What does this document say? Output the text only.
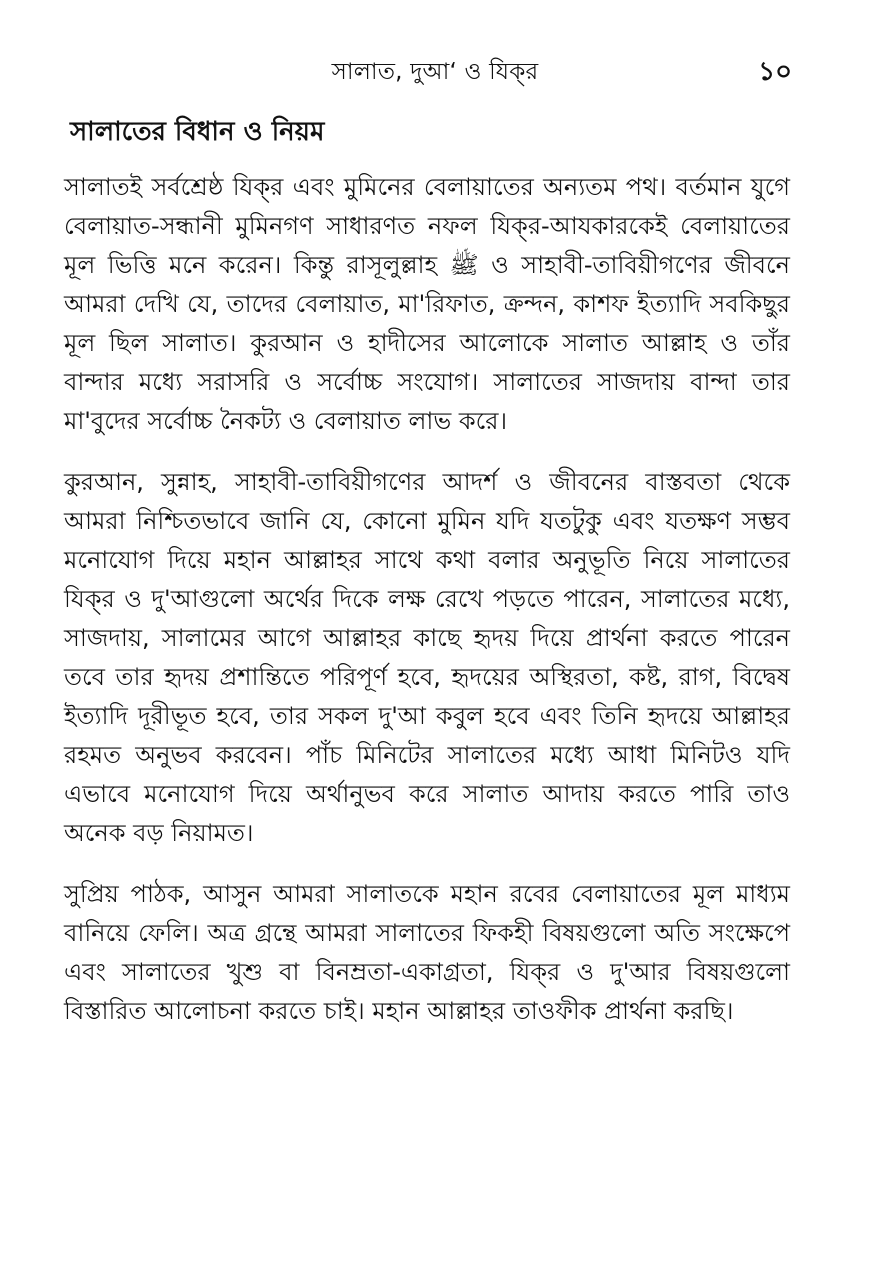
সালাত, দুআ‘ ও যিক্‌র	১০
সালাতের বিধান ও নিয়ম

সালাতই সর্বশ্রেষ্ঠ যিক্‌র এবং মুমিনের বেলায়াতের অন্যতম পথ। বর্তমান যুগে বেলায়াত-সন্ধানী মুমিনগণ সাধারণত নফল যিক্‌র-আযকারকেই বেলায়াতের মূল ভিত্তি মনে করেন। কিন্তু রাসূলুল্লাহ ﷺ ও সাহাবী-তাবিয়ীগণের জীবনে আমরা দেখি যে, তাদের বেলায়াত, মা'রিফাত, ক্রন্দন, কাশফ ইত্যাদি সবকিছুর মূল ছিল সালাত। কুরআন ও হাদীসের আলোকে সালাত আল্লাহ ও তাঁর বান্দার মধ্যে সরাসরি ও সর্বোচ্চ সংযোগ। সালাতের সাজদায় বান্দা তার মা'বুদের সর্বোচ্চ নৈকট্য ও বেলায়াত লাভ করে।

কুরআন, সুন্নাহ, সাহাবী-তাবিয়ীগণের আদর্শ ও জীবনের বাস্তবতা থেকে আমরা নিশ্চিতভাবে জানি যে, কোনো মুমিন যদি যতটুকু এবং যতক্ষণ সম্ভব মনোযোগ দিয়ে মহান আল্লাহর সাথে কথা বলার অনুভূতি নিয়ে সালাতের যিক্‌র ও দু'আগুলো অর্থের দিকে লক্ষ রেখে পড়তে পারেন, সালাতের মধ্যে, সাজদায়, সালামের আগে আল্লাহর কাছে হৃদয় দিয়ে প্রার্থনা করতে পারেন তবে তার হৃদয় প্রশান্তিতে পরিপূর্ণ হবে, হৃদয়ের অস্থিরতা, কষ্ট, রাগ, বিদ্বেষ ইত্যাদি দূরীভূত হবে, তার সকল দু'আ কবুল হবে এবং তিনি হৃদয়ে আল্লাহর রহমত অনুভব করবেন। পাঁচ মিনিটের সালাতের মধ্যে আধা মিনিটও যদি এভাবে মনোযোগ দিয়ে অর্থানুভব করে সালাত আদায় করতে পারি তাও অনেক বড় নিয়ামত।

সুপ্রিয় পাঠক, আসুন আমরা সালাতকে মহান রবের বেলায়াতের মূল মাধ্যম বানিয়ে ফেলি। অত্র গ্রন্থে আমরা সালাতের ফিকহী বিষয়গুলো অতি সংক্ষেপে এবং সালাতের খুশু বা বিনম্রতা-একাগ্রতা, যিক্‌র ও দু'আর বিষয়গুলো বিস্তারিত আলোচনা করতে চাই। মহান আল্লাহর তাওফীক প্রার্থনা করছি।
